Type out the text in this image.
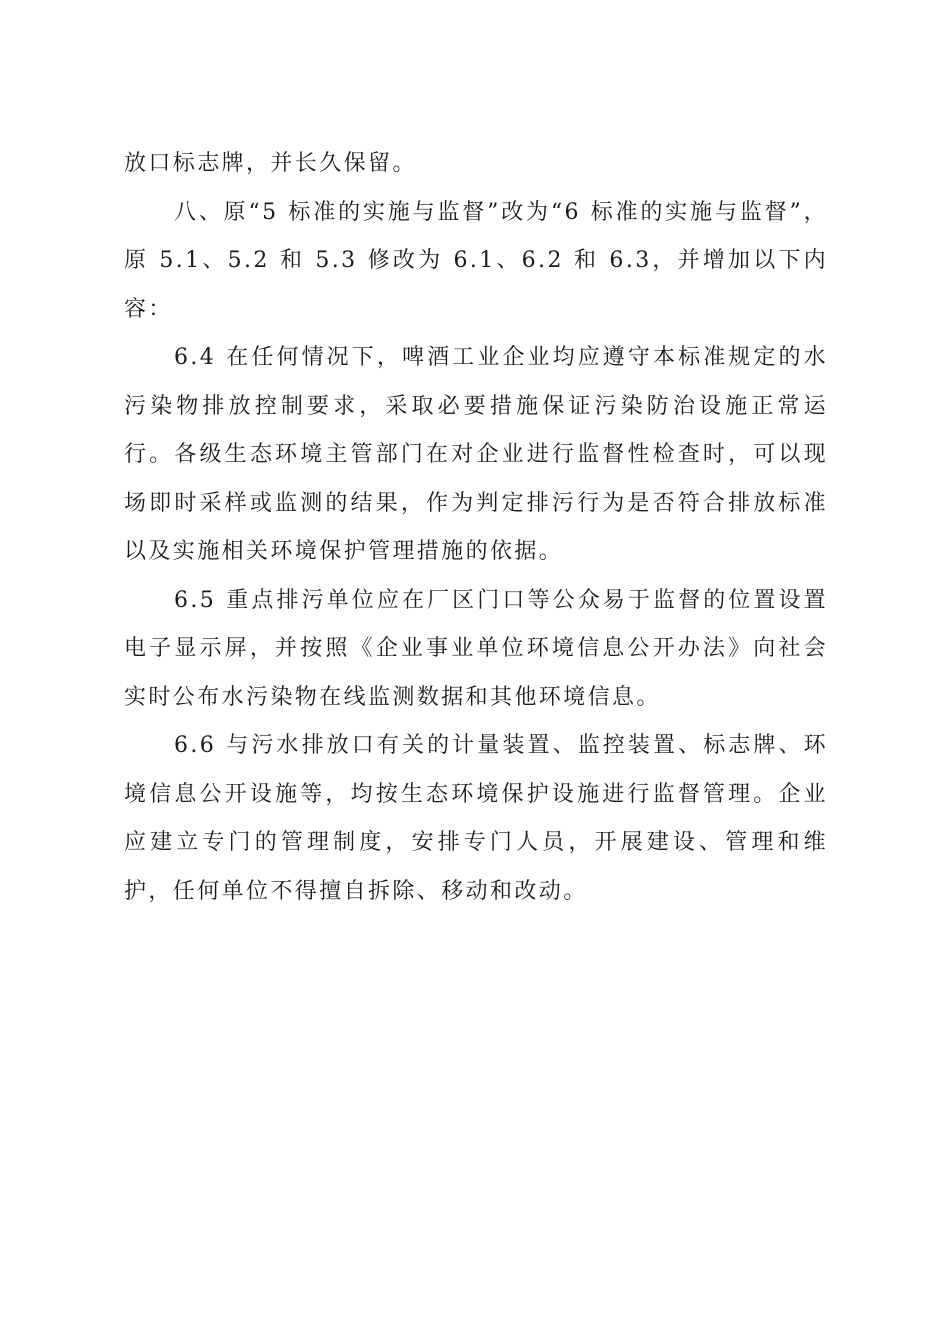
放口标志牌，并长久保留。

八、原“5 标准的实施与监督”改为“6 标准的实施与监督”，原 5.1、5.2 和 5.3 修改为 6.1、6.2 和 6.3，并增加以下内容：

6.4 在任何情况下，啤酒工业企业均应遵守本标准规定的水污染物排放控制要求，采取必要措施保证污染防治设施正常运行。各级生态环境主管部门在对企业进行监督性检查时，可以现场即时采样或监测的结果，作为判定排污行为是否符合排放标准以及实施相关环境保护管理措施的依据。

6.5 重点排污单位应在厂区门口等公众易于监督的位置设置电子显示屏，并按照《企业事业单位环境信息公开办法》向社会实时公布水污染物在线监测数据和其他环境信息。

6.6 与污水排放口有关的计量装置、监控装置、标志牌、环境信息公开设施等，均按生态环境保护设施进行监督管理。企业应建立专门的管理制度，安排专门人员，开展建设、管理和维护，任何单位不得擅自拆除、移动和改动。
